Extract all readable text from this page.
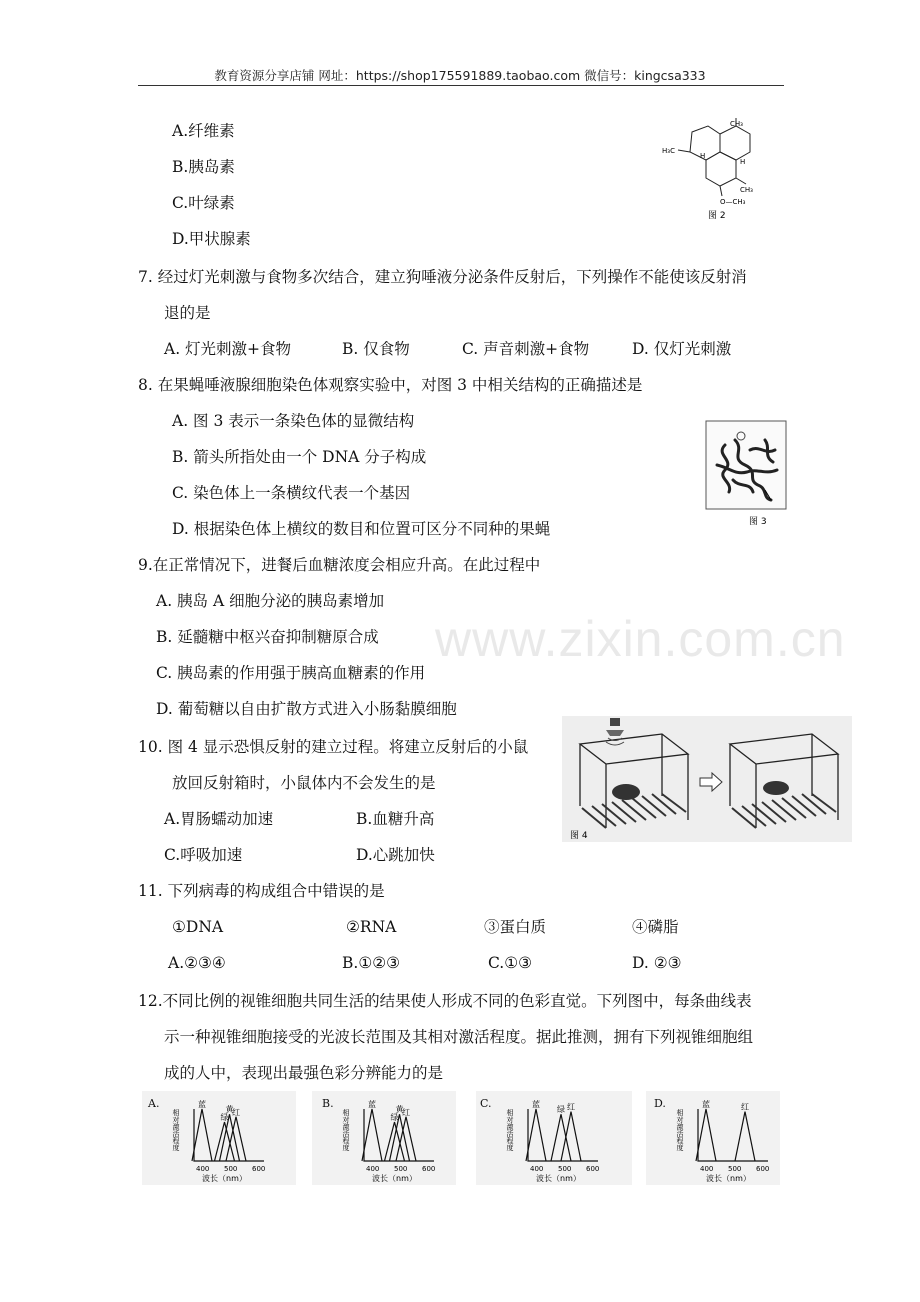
教育资源分享店铺 网址：https://shop175591889.taobao.com 微信号：kingcsa333
www.zixin.com.cn
A.纤维素
B.胰岛素
C.叶绿素
D.甲状腺素
CH₃
H₃C
H
H
O—CH₃
CH₃
图 2
7. 经过灯光刺激与食物多次结合，建立狗唾液分泌条件反射后，下列操作不能使该反射消
退的是
A. 灯光刺激+食物	B. 仅食物	C. 声音刺激+食物	D. 仅灯光刺激
8. 在果蝇唾液腺细胞染色体观察实验中，对图 3 中相关结构的正确描述是
A. 图 3 表示一条染色体的显微结构
B. 箭头所指处由一个 DNA 分子构成
C. 染色体上一条横纹代表一个基因
D. 根据染色体上横纹的数目和位置可区分不同种的果蝇	图 3
9.在正常情况下，进餐后血糖浓度会相应升高。在此过程中
A. 胰岛 A 细胞分泌的胰岛素增加
B. 延髓糖中枢兴奋抑制糖原合成
C. 胰岛素的作用强于胰高血糖素的作用
D. 葡萄糖以自由扩散方式进入小肠黏膜细胞
10. 图 4 显示恐惧反射的建立过程。将建立反射后的小鼠
放回反射箱时，小鼠体内不会发生的是
A.胃肠蠕动加速	B.血糖升高
C.呼吸加速	D.心跳加快
图 4
11. 下列病毒的构成组合中错误的是
①DNA	②RNA	③蛋白质	④磷脂
A.②③④	B.①②③	C.①③	D. ②③
12.不同比例的视锥细胞共同生活的结果使人形成不同的色彩直觉。下列图中，每条曲线表
示一种视锥细胞接受的光波长范围及其相对激活程度。据此推测，拥有下列视锥细胞组
成的人中，表现出最强色彩分辨能力的是
A.
相对激活程度
波长（nm）
400 500 600
蓝
绿
黄
红
B.
相对激活程度
波长（nm）
400 500 600
蓝
绿
黄
红
C.
相对激活程度
波长（nm）
400 500 600
蓝
绿 红	D.
相对激活程度
波长（nm）
400 500 600
蓝	红
